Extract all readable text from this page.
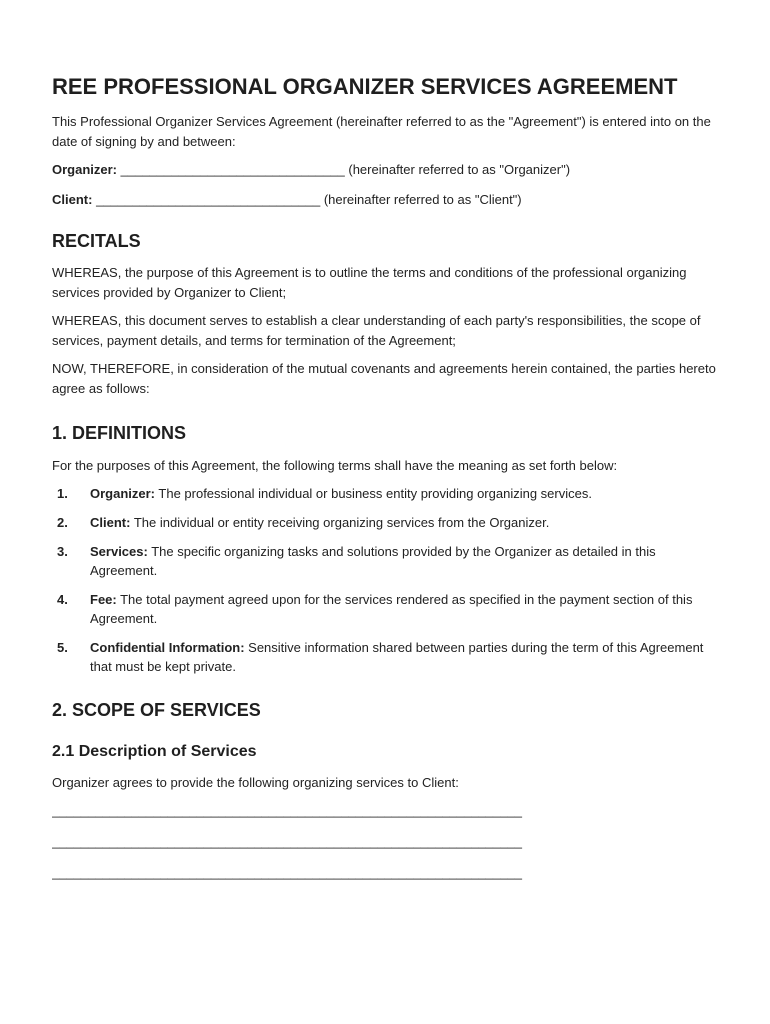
REE PROFESSIONAL ORGANIZER SERVICES AGREEMENT

This Professional Organizer Services Agreement (hereinafter referred to as the "Agreement") is entered into on the date of signing by and between:

Organizer: _______________________________ (hereinafter referred to as "Organizer")
Client: _______________________________ (hereinafter referred to as "Client")
RECITALS

WHEREAS, the purpose of this Agreement is to outline the terms and conditions of the professional organizing services provided by Organizer to Client;

WHEREAS, this document serves to establish a clear understanding of each party's responsibilities, the scope of services, payment details, and terms for termination of the Agreement;

NOW, THEREFORE, in consideration of the mutual covenants and agreements herein contained, the parties hereto agree as follows:

1. DEFINITIONS

For the purposes of this Agreement, the following terms shall have the meaning as set forth below:

1. Organizer: The professional individual or business entity providing organizing services.
2. Client: The individual or entity receiving organizing services from the Organizer.
3. Services: The specific organizing tasks and solutions provided by the Organizer as detailed in this Agreement.
4. Fee: The total payment agreed upon for the services rendered as specified in the payment section of this Agreement.
5. Confidential Information: Sensitive information shared between parties during the term of this Agreement that must be kept private.
2. SCOPE OF SERVICES
2.1 Description of Services

Organizer agrees to provide the following organizing services to Client:

_________________________________________________________________
_________________________________________________________________
_________________________________________________________________
